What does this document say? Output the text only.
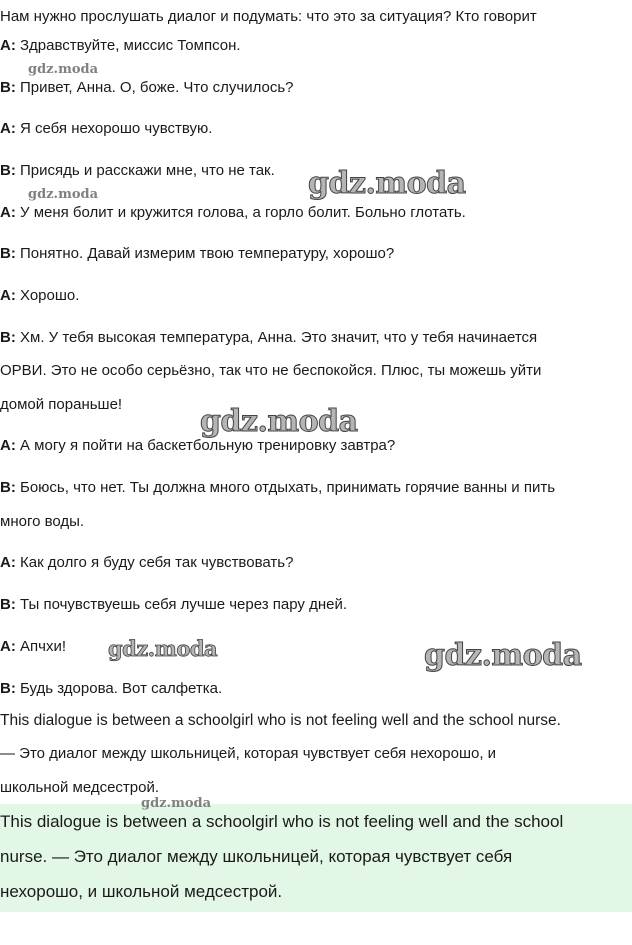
Нам нужно прослушать диалог и подумать: что это за ситуация? Кто говорит
A: Здравствуйте, миссис Томпсон.
B: Привет, Анна. О, боже. Что случилось?
A: Я себя нехорошо чувствую.
B: Присядь и расскажи мне, что не так.
A: У меня болит и кружится голова, а горло болит. Больно глотать.
B: Понятно. Давай измерим твою температуру, хорошо?
A: Хорошо.
B: Хм. У тебя высокая температура, Анна. Это значит, что у тебя начинается
ОРВИ. Это не особо серьёзно, так что не беспокойся. Плюс, ты можешь уйти
домой пораньше!
A: А могу я пойти на баскетбольную тренировку завтра?
B: Боюсь, что нет. Ты должна много отдыхать, принимать горячие ванны и пить
много воды.
A: Как долго я буду себя так чувствовать?
B: Ты почувствуешь себя лучше через пару дней.
A: Апчхи!
B: Будь здорова. Вот салфетка.
This dialogue is between a schoolgirl who is not feeling well and the school nurse.
— Это диалог между школьницей, которая чувствует себя нехорошо, и
школьной медсестрой.
This dialogue is between a schoolgirl who is not feeling well and the school
nurse. — Это диалог между школьницей, которая чувствует себя
нехорошо, и школьной медсестрой.
gdz.moda
gdz.moda
gdz.moda
gdz.moda
gdz.moda	gdz.moda
gdz.moda
